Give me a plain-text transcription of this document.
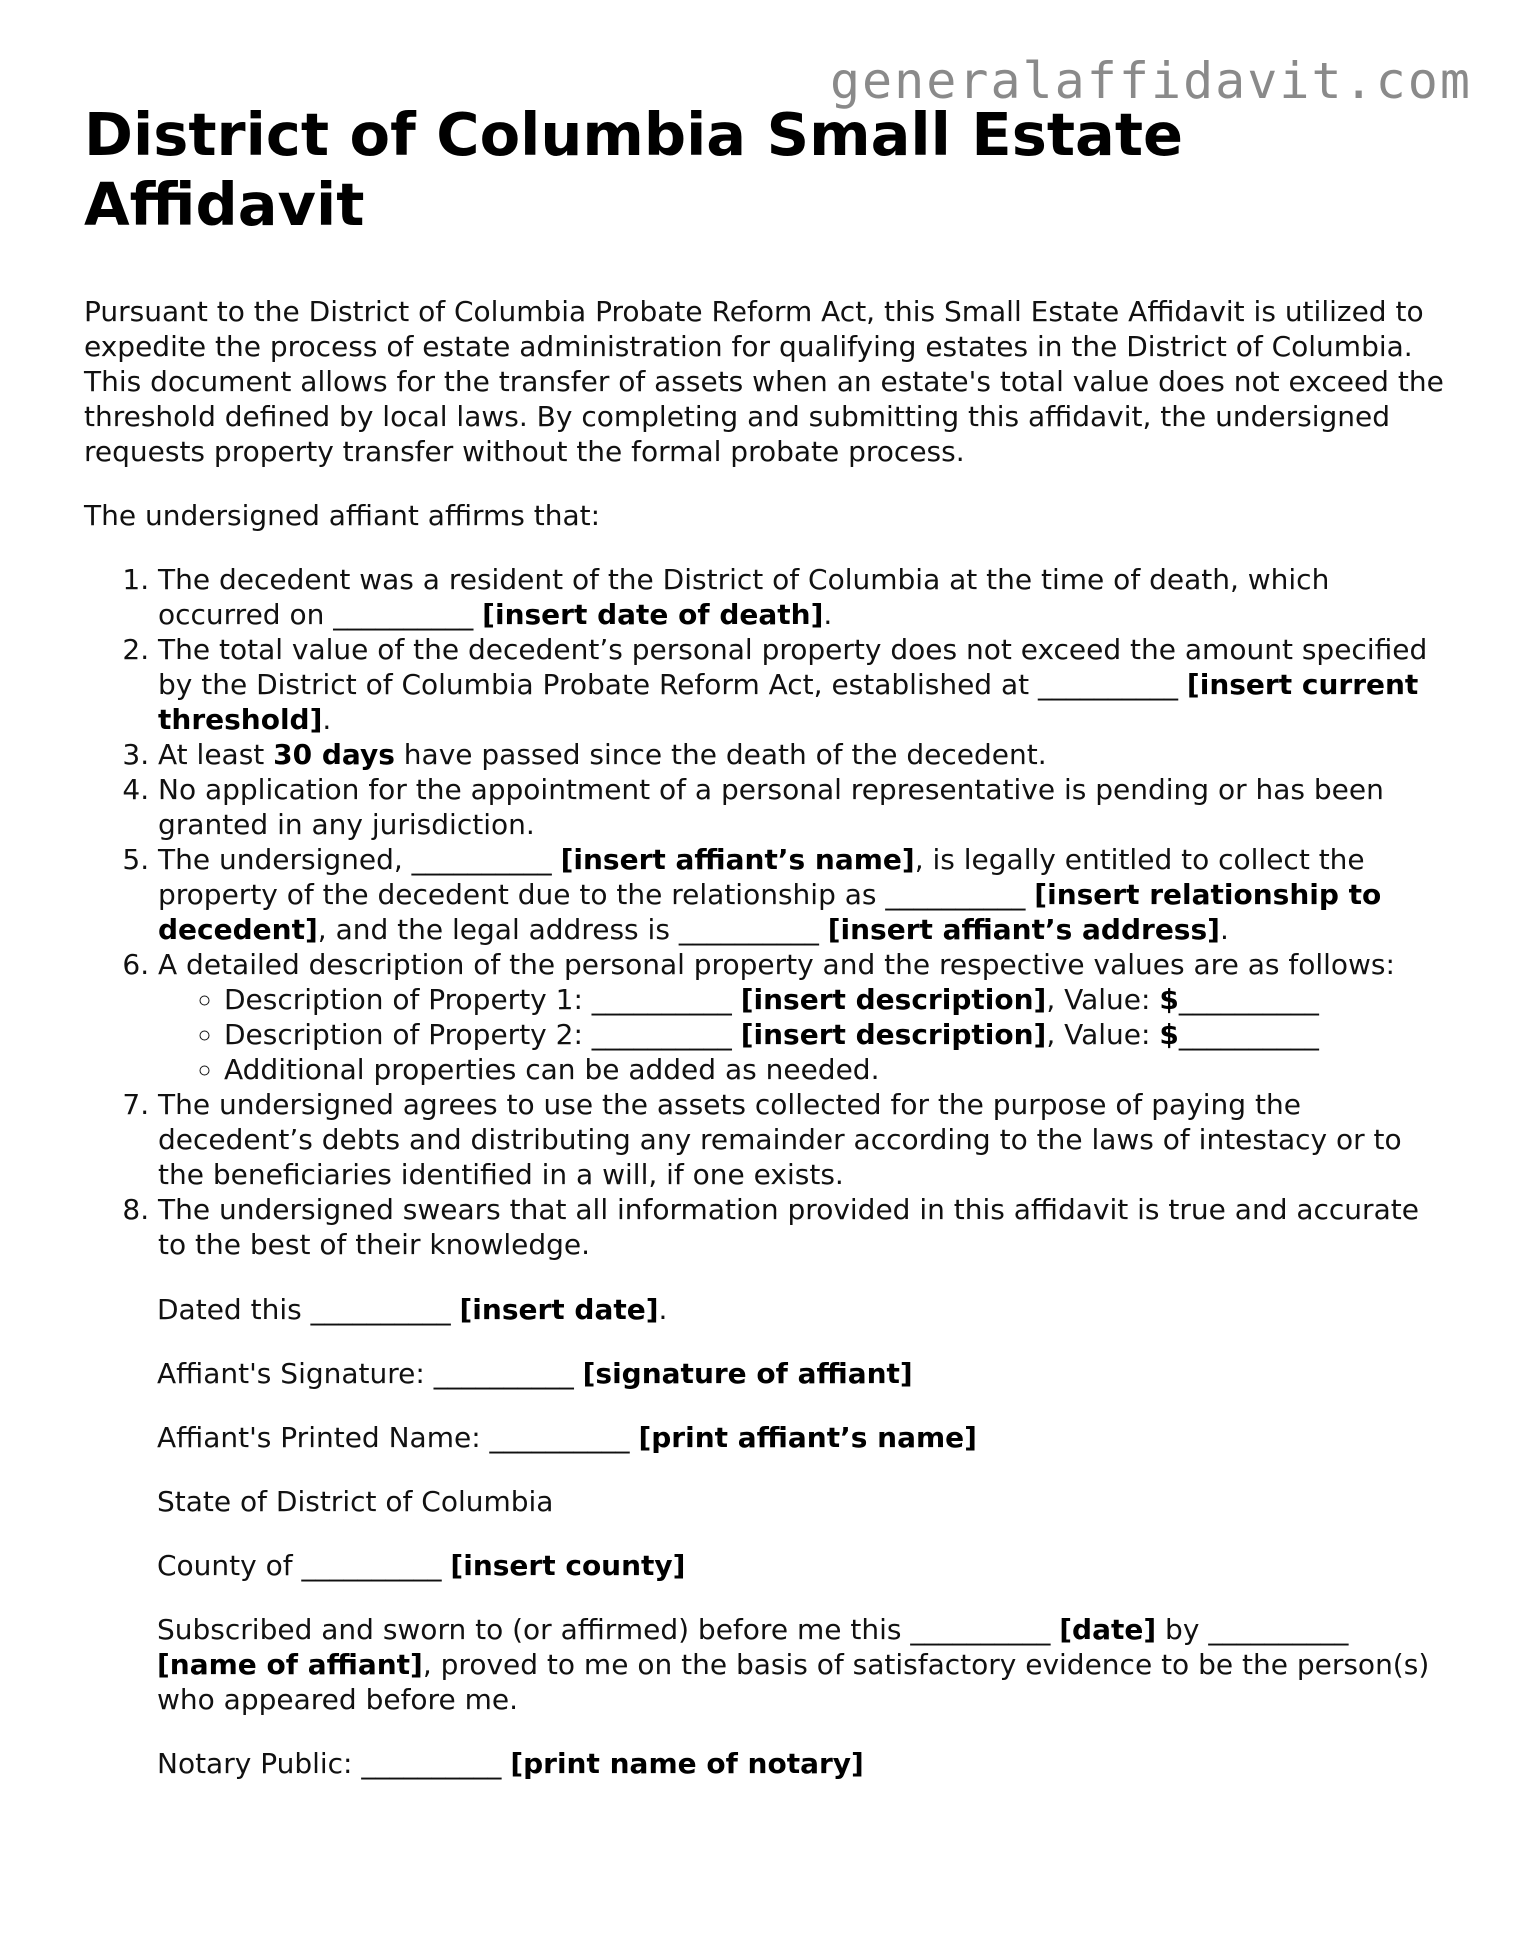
generalaffidavit.com
District of Columbia Small Estate Affidavit

Pursuant to the District of Columbia Probate Reform Act, this Small Estate Affidavit is utilized to expedite the process of estate administration for qualifying estates in the District of Columbia. This document allows for the transfer of assets when an estate's total value does not exceed the threshold defined by local laws. By completing and submitting this affidavit, the undersigned requests property transfer without the formal probate process.

The undersigned affiant affirms that:

1. The decedent was a resident of the District of Columbia at the time of death, which occurred on __________ [insert date of death].
2. The total value of the decedent’s personal property does not exceed the amount specified by the District of Columbia Probate Reform Act, established at __________ [insert current threshold].
3. At least 30 days have passed since the death of the decedent.
4. No application for the appointment of a personal representative is pending or has been granted in any jurisdiction.
5. The undersigned, __________ [insert affiant’s name], is legally entitled to collect the property of the decedent due to the relationship as __________ [insert relationship to decedent], and the legal address is __________ [insert affiant’s address].
6. A detailed description of the personal property and the respective values are as follows:
◦ Description of Property 1: __________ [insert description], Value: $__________
◦ Description of Property 2: __________ [insert description], Value: $__________
◦ Additional properties can be added as needed.
7. The undersigned agrees to use the assets collected for the purpose of paying the decedent’s debts and distributing any remainder according to the laws of intestacy or to the beneficiaries identified in a will, if one exists.
8. The undersigned swears that all information provided in this affidavit is true and accurate to the best of their knowledge.

Dated this __________ [insert date].

Affiant's Signature: __________ [signature of affiant]

Affiant's Printed Name: __________ [print affiant’s name]

State of District of Columbia

County of __________ [insert county]

Subscribed and sworn to (or affirmed) before me this __________ [date] by __________ [name of affiant], proved to me on the basis of satisfactory evidence to be the person(s) who appeared before me.

Notary Public: __________ [print name of notary]
